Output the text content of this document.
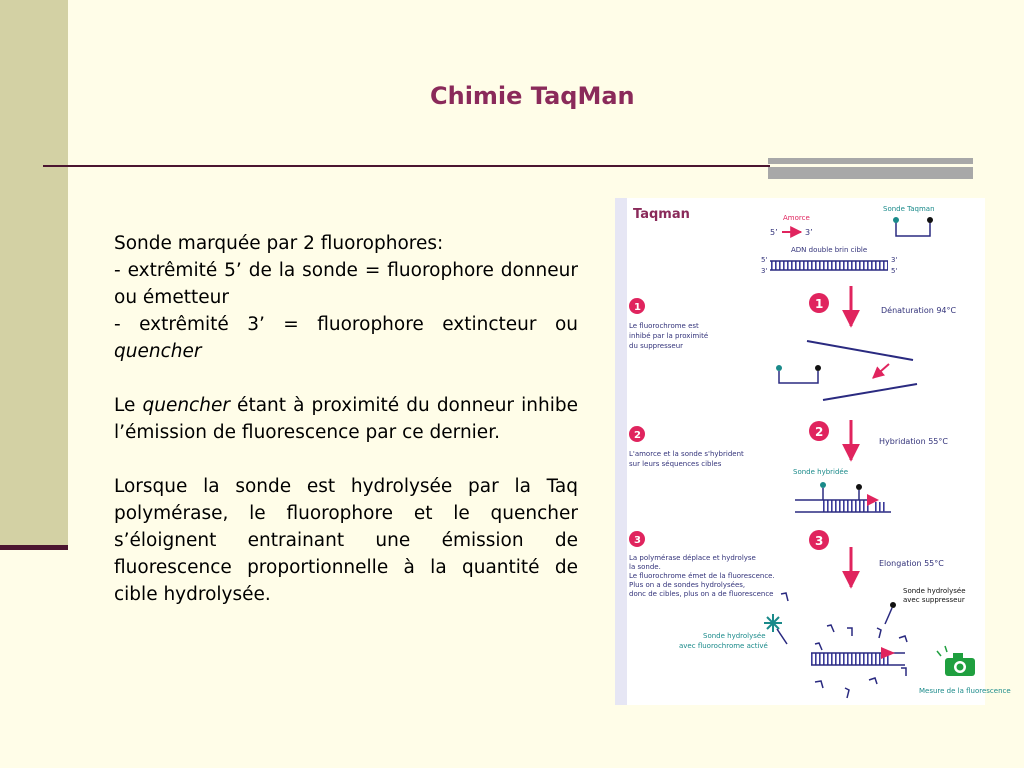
Chimie TaqMan

Sonde marquée par 2 fluorophores:

- extrêmité 5’ de la sonde = fluorophore donneur ou émetteur

- extrêmité 3’ = fluorophore extincteur ou quencher

Le quencher étant à proximité du donneur inhibe l’émission de fluorescence par ce dernier.

Lorsque la sonde est hydrolysée par la Taq polymérase, le fluorophore et le quencher s’éloignent entrainant une émission de fluorescence proportionnelle à la quantité de cible hydrolysée.

Taqman	Amorce
5’	3’
Sonde Taqman
ADN double brin cible
5'
3'
3'
5'
1
Le fluorochrome est
inhibé par la proximité
du suppresseur
1	Dénaturation 94°C
2
L'amorce et la sonde s'hybrident
sur leurs séquences cibles
2
Hybridation 55°C
Sonde hybridée
3
La polymérase déplace et hydrolyse
la sonde.
Le fluorochrome émet de la fluorescence.
Plus on a de sondes hydrolysées,
donc de cibles, plus on a de fluorescence
3
Elongation 55°C
Sonde hydrolysée
avec suppresseur
Sonde hydrolysée
avec fluorochrome activé
Mesure de la fluorescence
